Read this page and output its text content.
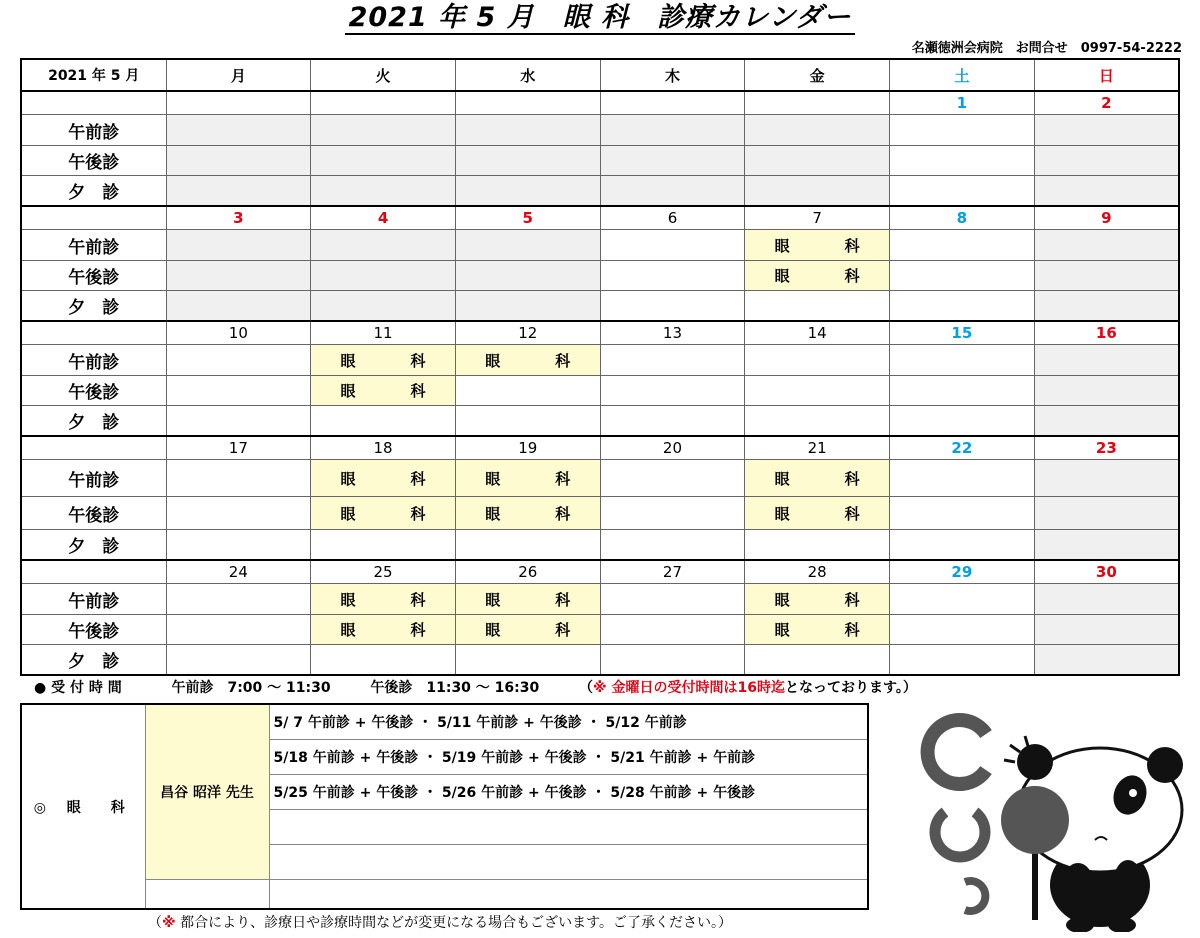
2021 年 5 月　眼 科　診療カレンダー
名瀬徳洲会病院　お問合せ　0997-54-2222
2021 年 5 月	月	火	水	木	金	土	日
						1	2
午前診							
午後診							
夕　診							
	3	4	5	6	7	8	9
午前診					眼　科		
午後診					眼　科		
夕　診							
	10	11	12	13	14	15	16
午前診		眼　科	眼　科				
午後診		眼　科					
夕　診							
	17	18	19	20	21	22	23
午前診		眼　科	眼　科		眼　科		
午後診		眼　科	眼　科		眼　科		
夕　診							
	24	25	26	27	28	29	30
午前診		眼　科	眼　科		眼　科		
午後診		眼　科	眼　科		眼　科		
夕　診							
● 受 付 時 間	午前診　7:00 〜 11:30	午後診　11:30 〜 16:30	（※ 金曜日の受付時間は16時迄となっております。）
◎ 眼　科	昌谷 昭洋 先生	5/ 7 午前診 + 午後診 ・ 5/11 午前診 + 午後診 ・ 5/12 午前診
		5/18 午前診 + 午後診 ・ 5/19 午前診 + 午後診 ・ 5/21 午前診 + 午前診
		5/25 午前診 + 午後診 ・ 5/26 午前診 + 午後診 ・ 5/28 午前診 + 午後診

（※ 都合により、診療日や診療時間などが変更になる場合もございます。ご了承ください。）
